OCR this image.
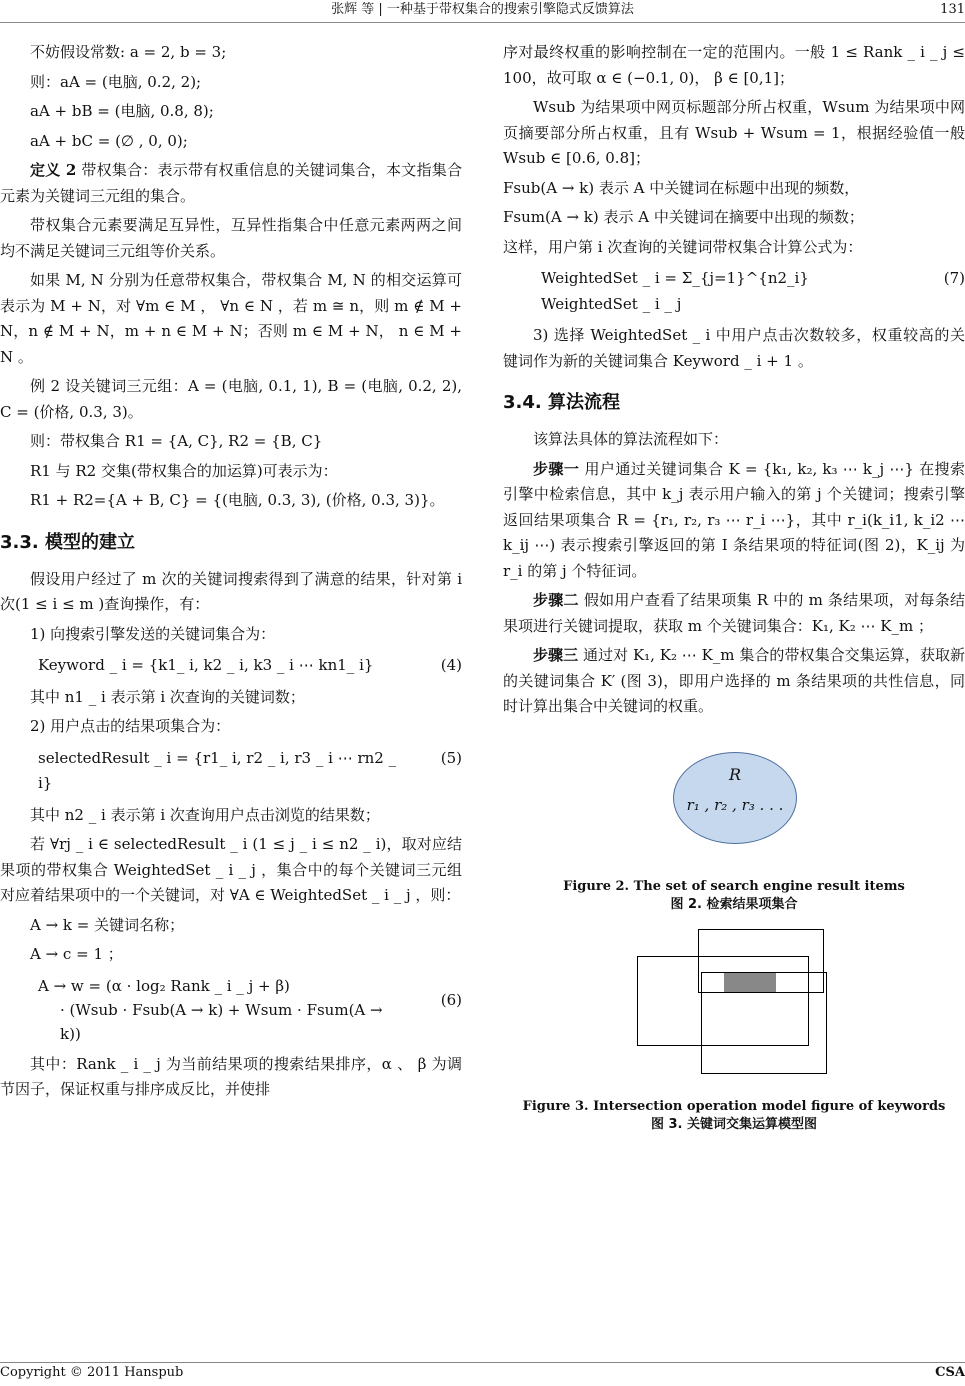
张辉 等 | 一种基于带权集合的搜索引擎隐式反馈算法	131

不妨假设常数: a = 2, b = 3;

则：aA = (电脑, 0.2, 2);

aA + bB = (电脑, 0.8, 8);

aA + bC = (∅ , 0, 0);

定义 2 带权集合：表示带有权重信息的关键词集合，本文指集合元素为关键词三元组的集合。

带权集合元素要满足互异性，互异性指集合中任意元素两两之间均不满足关键词三元组等价关系。

如果 M, N 分别为任意带权集合，带权集合 M, N 的相交运算可表示为 M + N，对 ∀m ∈ M ， ∀n ∈ N ，若 m ≅ n，则 m ∉ M + N，n ∉ M + N，m + n ∈ M + N；否则 m ∈ M + N， n ∈ M + N 。

例 2 设关键词三元组：A = (电脑, 0.1, 1), B = (电脑, 0.2, 2), C = (价格, 0.3, 3)。

则：带权集合 R1 = {A, C}, R2 = {B, C}

R1 与 R2 交集(带权集合的加运算)可表示为：

R1 + R2={A + B, C} = {(电脑, 0.3, 3), (价格, 0.3, 3)}。

3.3. 模型的建立

假设用户经过了 m 次的关键词搜索得到了满意的结果，针对第 i 次(1 ≤ i ≤ m )查询操作，有：

1) 向搜索引擎发送的关键词集合为：

Keyword _ i = {k1_ i, k2 _ i, k3 _ i ⋯ kn1_ i}	(4)

其中 n1 _ i 表示第 i 次查询的关键词数；

2) 用户点击的结果项集合为：

selectedResult _ i = {r1_ i, r2 _ i, r3 _ i ⋯ rn2 _ i}
(5)

其中 n2 _ i 表示第 i 次查询用户点击浏览的结果数；

若 ∀rj _ i ∈ selectedResult _ i (1 ≤ j _ i ≤ n2 _ i)，取对应结果项的带权集合 WeightedSet _ i _ j ，集合中的每个关键词三元组对应着结果项中的一个关键词，对 ∀A ∈ WeightedSet _ i _ j ，则：

A → k = 关键词名称；

A → c = 1 ；

A → w = (α · log₂ Rank _ i _ j + β)
· (Wsub · Fsub(A → k) + Wsum · Fsum(A → k))
(6)

其中：Rank _ i _ j 为当前结果项的搜索结果排序，α 、 β 为调节因子，保证权重与排序成反比，并使排

序对最终权重的影响控制在一定的范围内。一般 1 ≤ Rank _ i _ j ≤ 100，故可取 α ∈ (−0.1, 0)， β ∈ [0,1]；

Wsub 为结果项中网页标题部分所占权重，Wsum 为结果项中网页摘要部分所占权重，且有 Wsub + Wsum = 1，根据经验值一般 Wsub ∈ [0.6, 0.8]；

Fsub(A → k) 表示 A 中关键词在标题中出现的频数，

Fsum(A → k) 表示 A 中关键词在摘要中出现的频数；

这样，用户第 i 次查询的关键词带权集合计算公式为：

WeightedSet _ i = Σ_{j=1}^{n2_i} WeightedSet _ i _ j
(7)

3) 选择 WeightedSet _ i 中用户点击次数较多，权重较高的关键词作为新的关键词集合 Keyword _ i + 1 。

3.4. 算法流程

该算法具体的算法流程如下：

步骤一 用户通过关键词集合 K = {k₁, k₂, k₃ ⋯ k_j ⋯} 在搜索引擎中检索信息，其中 k_j 表示用户输入的第 j 个关键词；搜索引擎返回结果项集合 R = {r₁, r₂, r₃ ⋯ r_i ⋯}，其中 r_i(k_i1, k_i2 ⋯ k_ij ⋯) 表示搜索引擎返回的第 I 条结果项的特征词(图 2)，K_ij 为 r_i 的第 j 个特征词。

步骤二 假如用户查看了结果项集 R 中的 m 条结果项，对每条结果项进行关键词提取，获取 m 个关键词集合：K₁, K₂ ⋯ K_m ；

步骤三 通过对 K₁, K₂ ⋯ K_m 集合的带权集合交集运算，获取新的关键词集合 K′ (图 3)，即用户选择的 m 条结果项的共性信息，同时计算出集合中关键词的权重。

R
r₁ , r₂ , r₃ . . .
Figure 2. The set of search engine result items
图 2. 检索结果项集合
Figure 3. Intersection operation model figure of keywords
图 3. 关键词交集运算模型图
Copyright © 2011 Hanspub	CSA
